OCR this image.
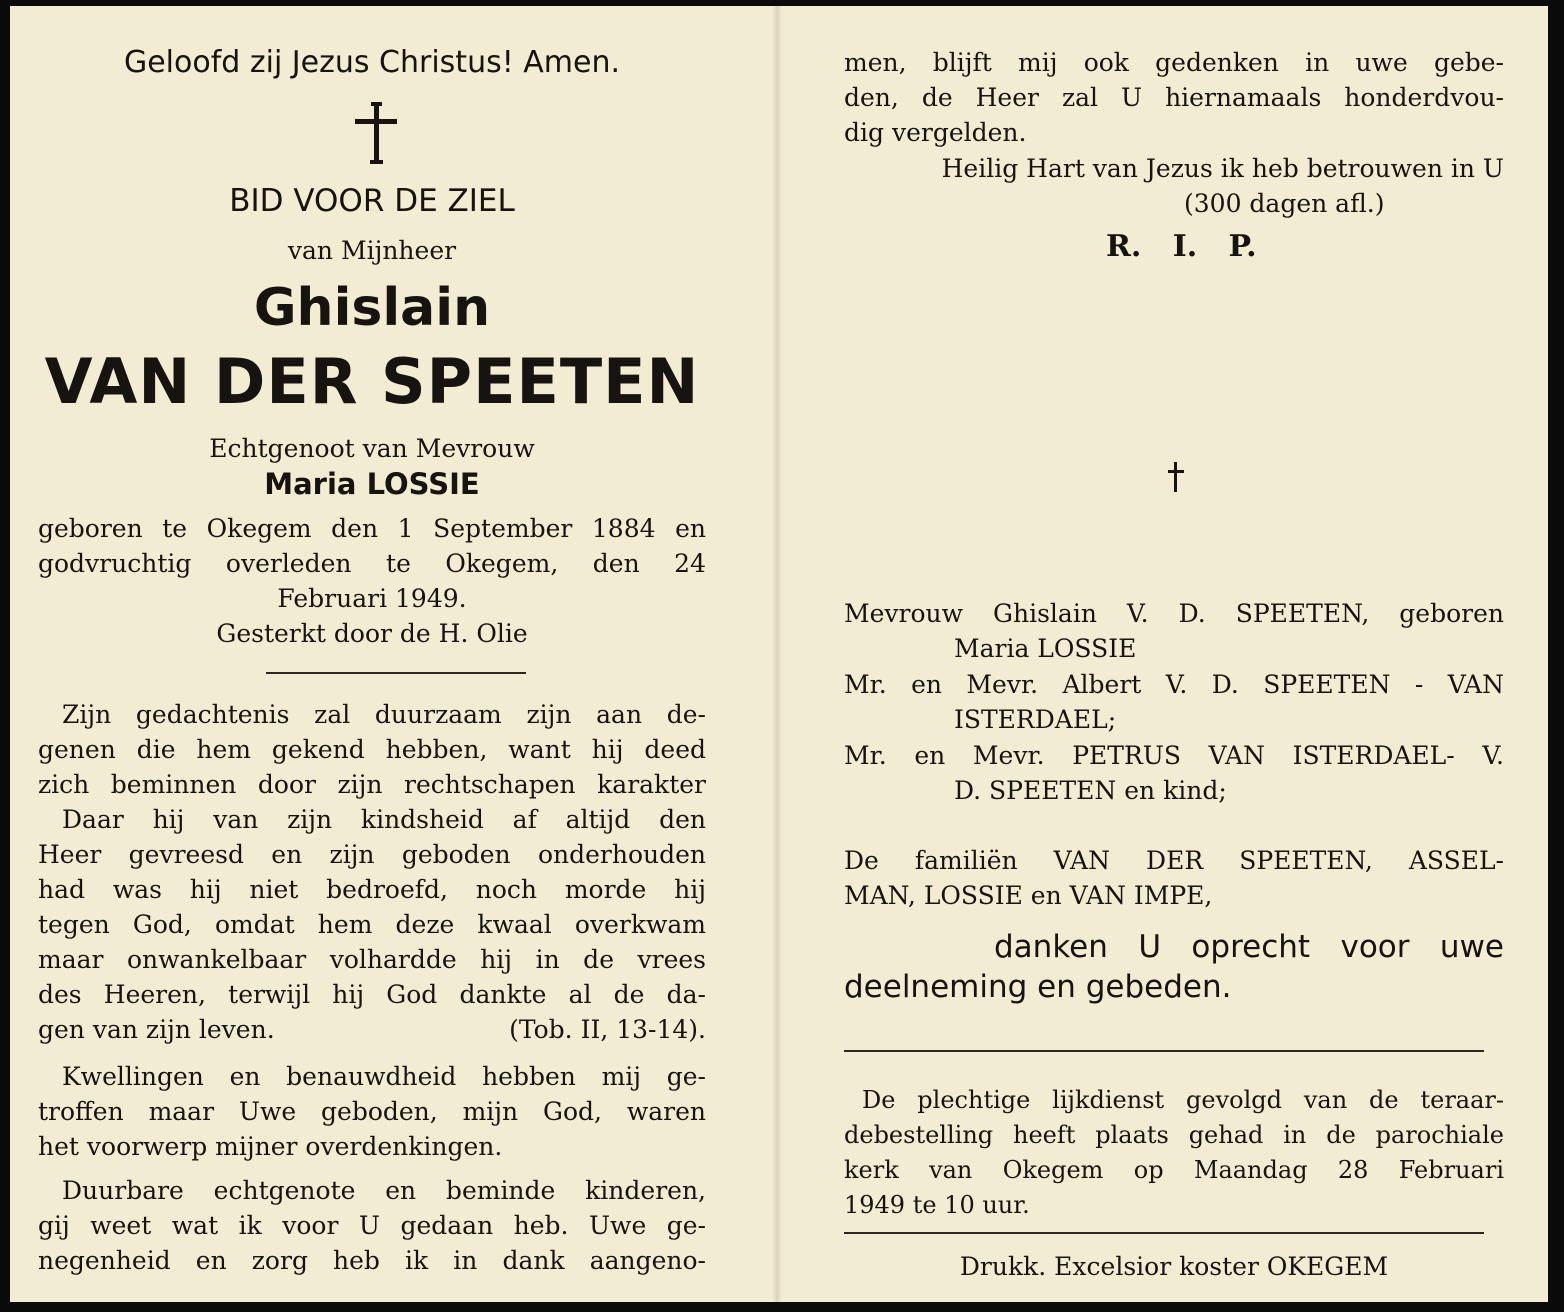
Geloofd zij Jezus Christus! Amen.
BID VOOR DE ZIEL
van Mijnheer
Ghislain
VAN DER SPEETEN
Echtgenoot van Mevrouw
Maria LOSSIE
geboren te Okegem den 1 September 1884 en
godvruchtig overleden te Okegem, den 24
Februari 1949.
Gesterkt door de H. Olie
Zijn gedachtenis zal duurzaam zijn aan de-
genen die hem gekend hebben, want hij deed
zich beminnen door zijn rechtschapen karakter
Daar hij van zijn kindsheid af altijd den
Heer gevreesd en zijn geboden onderhouden
had was hij niet bedroefd, noch morde hij
tegen God, omdat hem deze kwaal overkwam
maar onwankelbaar volhardde hij in de vrees
des Heeren, terwijl hij God dankte al de da-
gen van zijn leven.	(Tob. II, 13-14).
Kwellingen en benauwdheid hebben mij ge-
troffen maar Uwe geboden, mijn God, waren
het voorwerp mijner overdenkingen.
Duurbare echtgenote en beminde kinderen,
gij weet wat ik voor U gedaan heb. Uwe ge-
negenheid en zorg heb ik in dank aangeno-
men, blijft mij ook gedenken in uwe gebe-
den, de Heer zal U hiernamaals honderdvou-
dig vergelden.
Heilig Hart van Jezus ik heb betrouwen in U
(300 dagen afl.)
R.   I.   P.
Mevrouw Ghislain V. D. SPEETEN, geboren
Maria LOSSIE
Mr. en Mevr. Albert V. D. SPEETEN - VAN
ISTERDAEL;
Mr. en Mevr. PETRUS VAN ISTERDAEL- V.
D. SPEETEN en kind;
De familiën VAN DER SPEETEN, ASSEL-
MAN, LOSSIE en VAN IMPE,
danken U oprecht voor uwe
deelneming en gebeden.
De plechtige lijkdienst gevolgd van de teraar-
debestelling heeft plaats gehad in de parochiale
kerk van Okegem op Maandag 28 Februari
1949 te 10 uur.
Drukk. Excelsior koster OKEGEM
